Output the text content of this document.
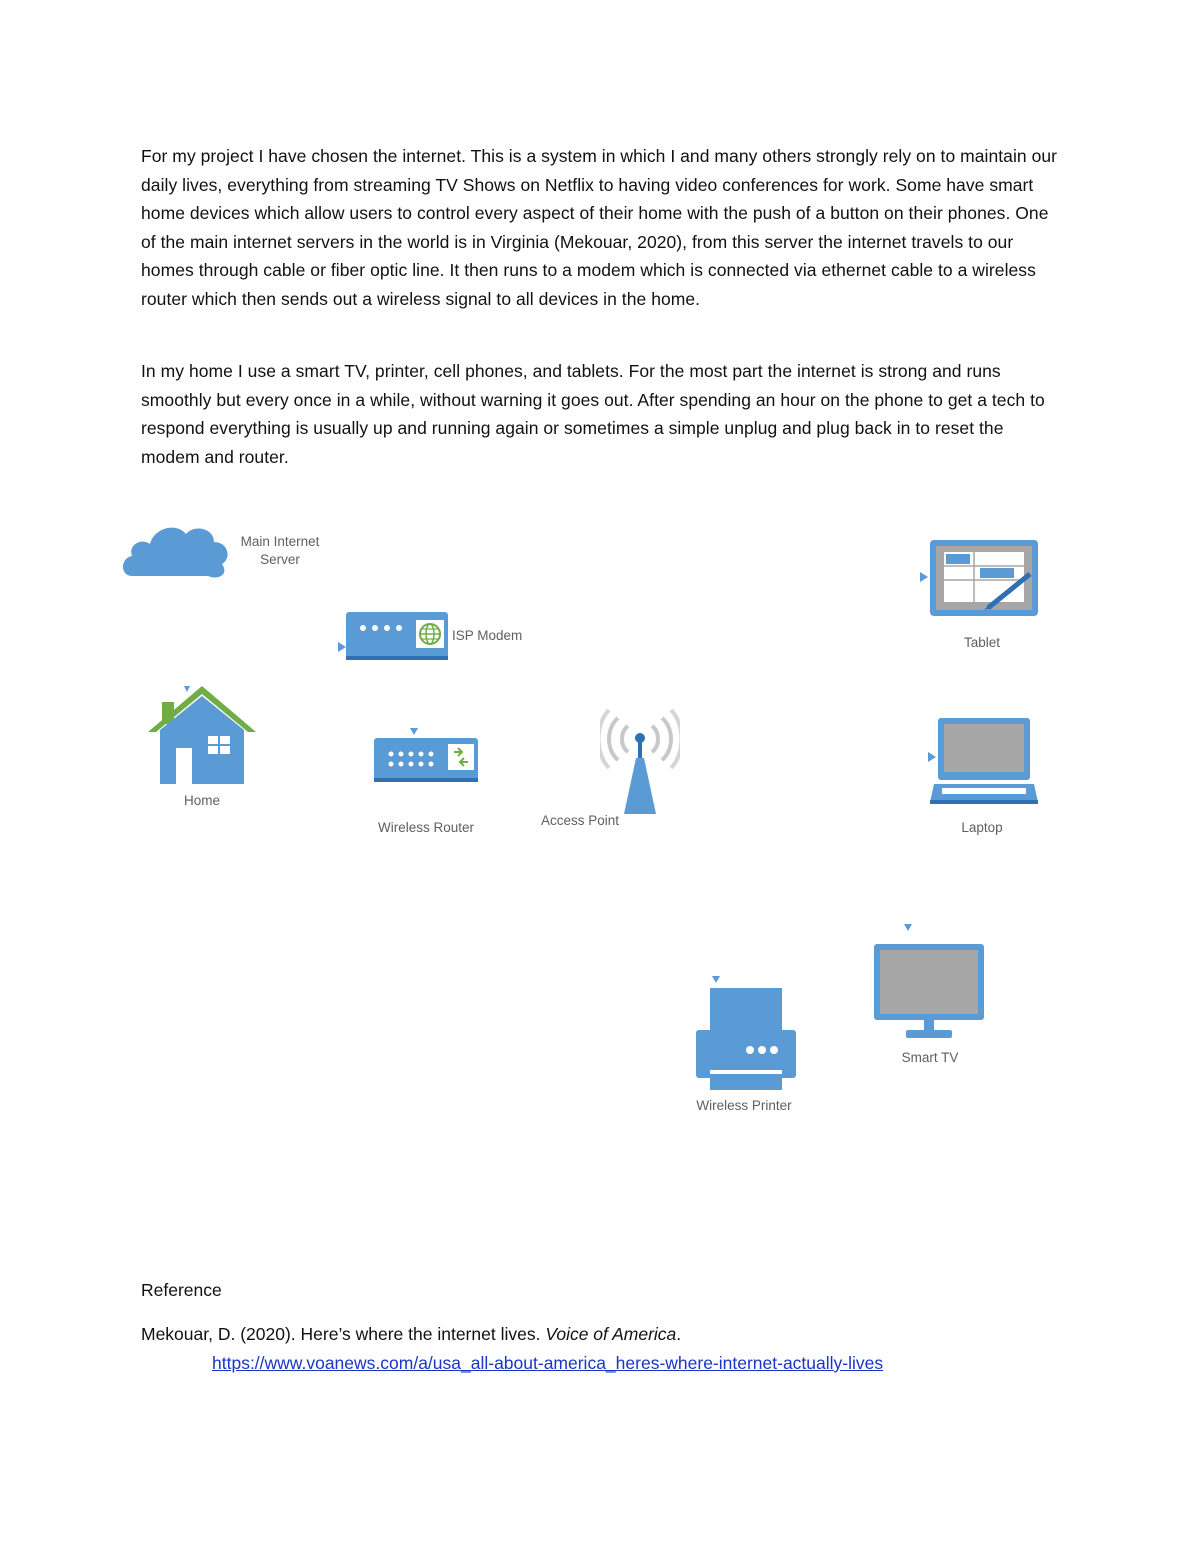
For my project I have chosen the internet. This is a system in which I and many others strongly rely on to maintain our daily lives, everything from streaming TV Shows on Netflix to having video conferences for work. Some have smart home devices which allow users to control every aspect of their home with the push of a button on their phones. One of the main internet servers in the world is in Virginia (Mekouar, 2020), from this server the internet travels to our homes through cable or fiber optic line. It then runs to a modem which is connected via ethernet cable to a wireless router which then sends out a wireless signal to all devices in the home.

In my home I use a smart TV, printer, cell phones, and tablets. For the most part the internet is strong and runs smoothly but every once in a while, without warning it goes out. After spending an hour on the phone to get a tech to respond everything is usually up and running again or sometimes a simple unplug and plug back in to reset the modem and router.

Main Internet
Server
ISP Modem
Home
Wireless Router	Access Point
Tablet
Laptop
Smart TV
Wireless Printer
Reference
Mekouar, D. (2020). Here’s where the internet lives. Voice of America.
https://www.voanews.com/a/usa_all-about-america_heres-where-internet-actually-lives
